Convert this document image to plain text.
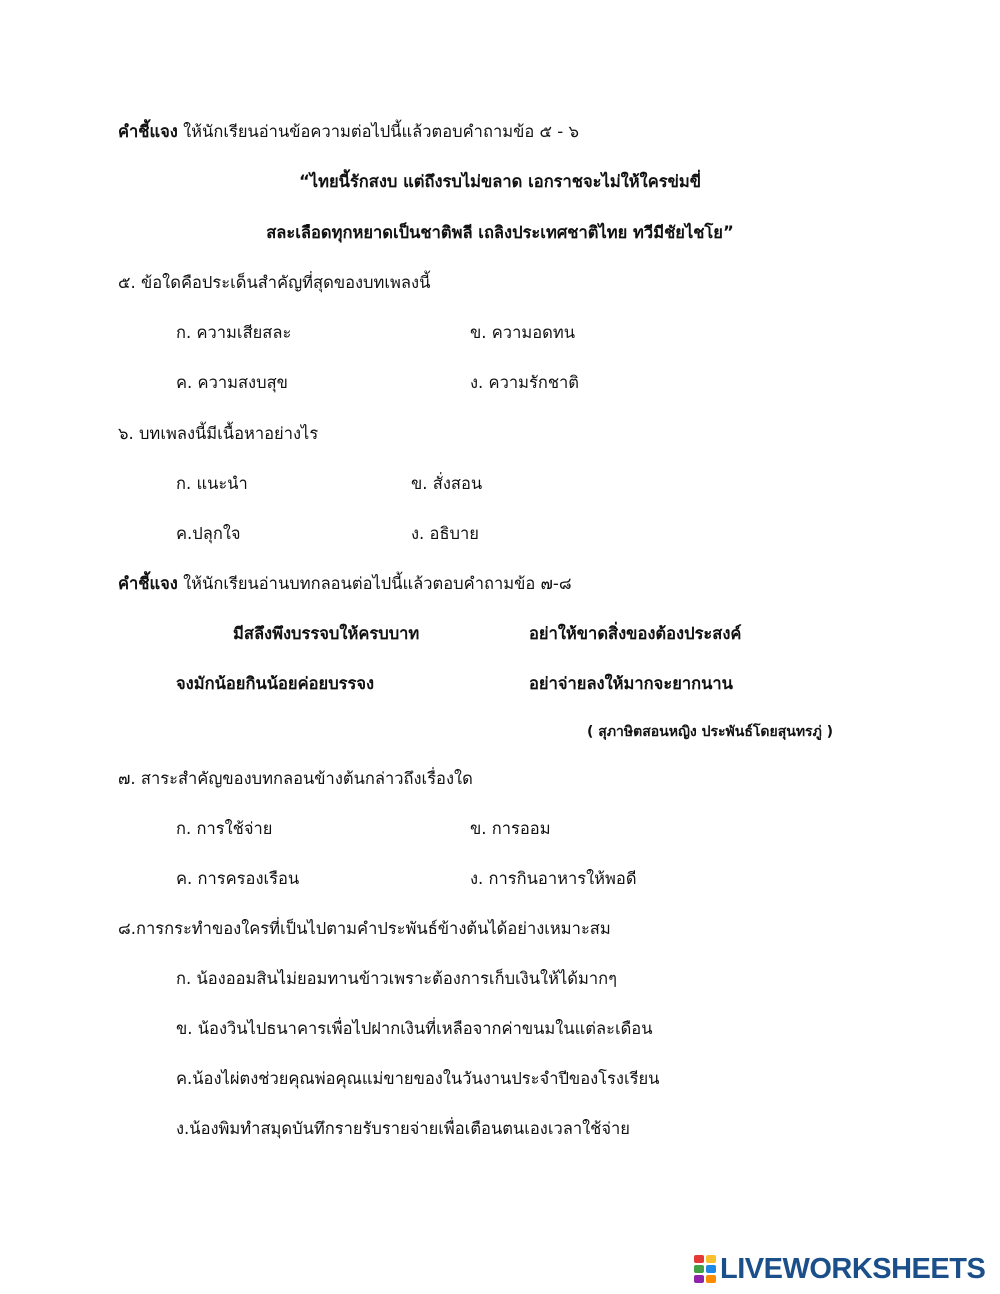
คำชี้แจง ให้นักเรียนอ่านข้อความต่อไปนี้แล้วตอบคำถามข้อ ๕ - ๖
“ไทยนี้รักสงบ แต่ถึงรบไม่ขลาด เอกราชจะไม่ให้ใครข่มขี่
สละเลือดทุกหยาดเป็นชาติพลี เถลิงประเทศชาติไทย ทวีมีชัยไชโย”
๕. ข้อใดคือประเด็นสำคัญที่สุดของบทเพลงนี้
ก. ความเสียสละ	ข. ความอดทน
ค. ความสงบสุข	ง. ความรักชาติ
๖. บทเพลงนี้มีเนื้อหาอย่างไร
ก. แนะนำ	ข. สั่งสอน
ค.ปลุกใจ	ง. อธิบาย
คำชี้แจง ให้นักเรียนอ่านบทกลอนต่อไปนี้แล้วตอบคำถามข้อ ๗-๘
มีสลึงพึงบรรจบให้ครบบาท	อย่าให้ขาดสิ่งของต้องประสงค์
จงมักน้อยกินน้อยค่อยบรรจง	อย่าจ่ายลงให้มากจะยากนาน
( สุภาษิตสอนหญิง ประพันธ์โดยสุนทรภู่ )
๗. สาระสำคัญของบทกลอนข้างต้นกล่าวถึงเรื่องใด
ก. การใช้จ่าย	ข. การออม
ค. การครองเรือน	ง. การกินอาหารให้พอดี
๘.การกระทำของใครที่เป็นไปตามคำประพันธ์ข้างต้นได้อย่างเหมาะสม
ก. น้องออมสินไม่ยอมทานข้าวเพราะต้องการเก็บเงินให้ได้มากๆ
ข. น้องวินไปธนาคารเพื่อไปฝากเงินที่เหลือจากค่าขนมในแต่ละเดือน
ค.น้องไผ่ตงช่วยคุณพ่อคุณแม่ขายของในวันงานประจำปีของโรงเรียน
ง.น้องพิมทำสมุดบันทึกรายรับรายจ่ายเพื่อเตือนตนเองเวลาใช้จ่าย
LIVEWORKSHEETS
